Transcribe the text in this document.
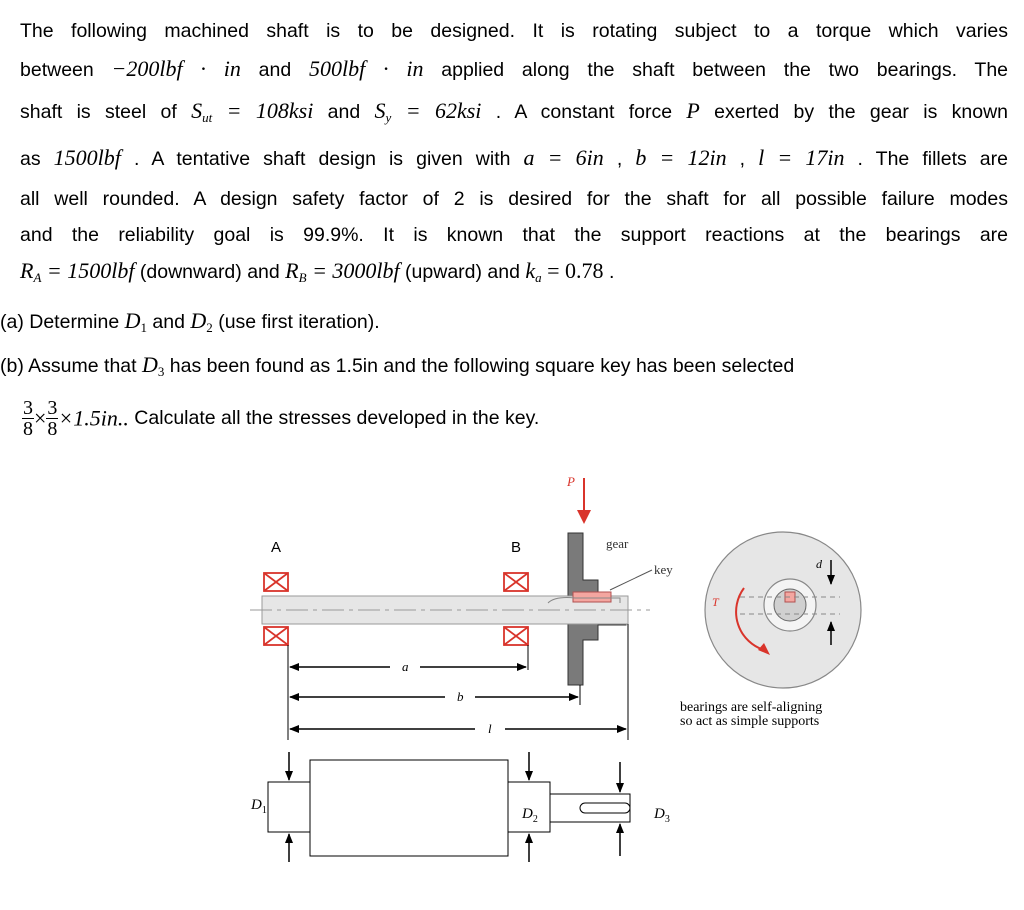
The following machined shaft is to be designed. It is rotating subject to a torque which varies
between −200lbf · in and 500lbf · in applied along the shaft between the two bearings. The
shaft is steel of $S_{ut} = 108ksi$ and $S_y = 62ksi$ . A constant force P exerted by the gear is known
as 1500lbf . A tentative shaft design is given with a = 6in , b = 12in , l = 17in . The fillets are
all well rounded. A design safety factor of 2 is desired for the shaft for all possible failure modes
and the reliability goal is 99.9%. It is known that the support reactions at the bearings are
$R_A = 1500lbf$ (downward) and $R_B = 3000lbf$ (upward) and $k_a = 0.78$ .
(a) Determine $D_1$ and $D_2$ (use first iteration).
(b) Assume that $D_3$ has been found as 1.5in and the following square key has been selected
$\frac{3}{8} \times \frac{3}{8} \times 1.5in$.. Calculate all the stresses developed in the key.
P
A	B	gear
key
a
b
l
T
d
bearings are self-aligning
so act as simple supports
$D_1$	$D_2$	$D_3$
